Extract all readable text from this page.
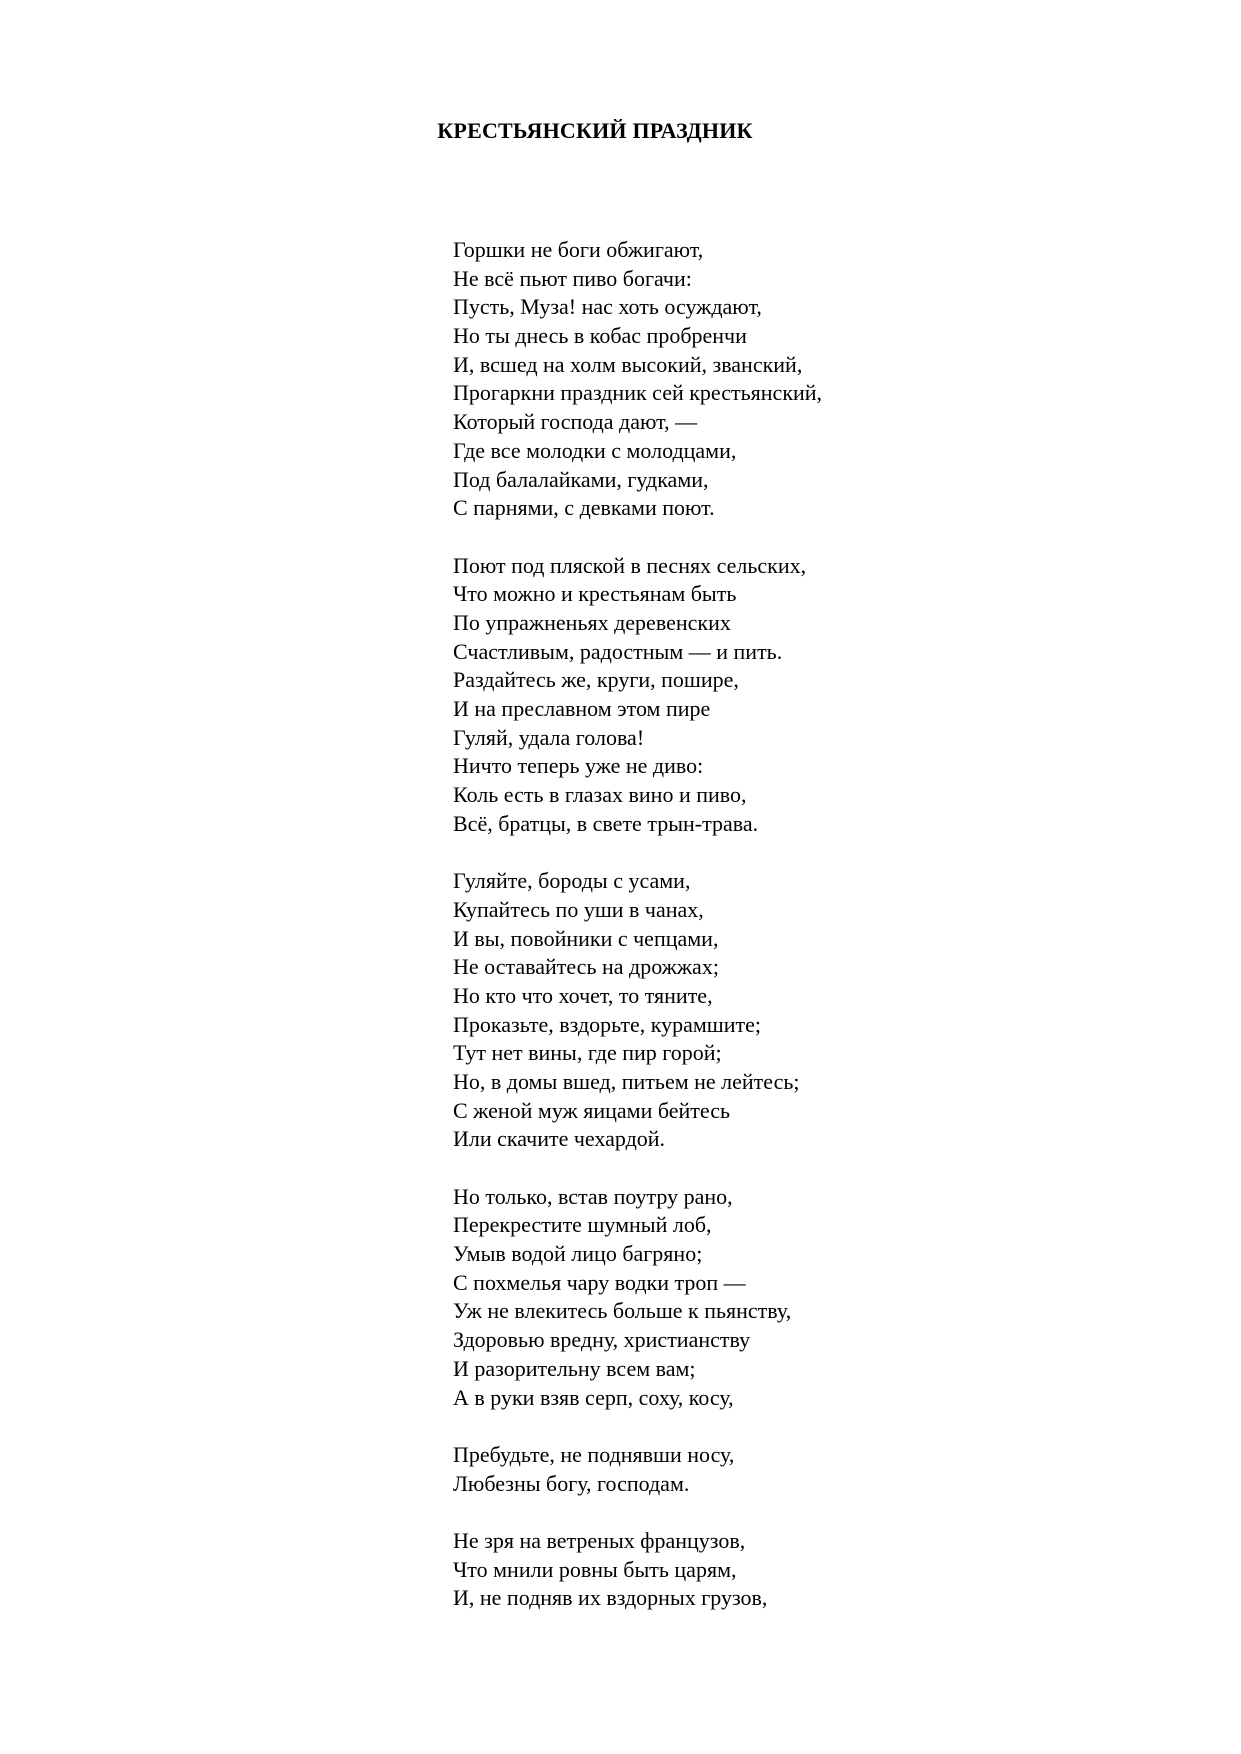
КРЕСТЬЯНСКИЙ ПРАЗДНИК
Горшки не боги обжигают,
Не всё пьют пиво богачи:
Пусть, Муза! нас хоть осуждают,
Но ты днесь в кобас пробренчи
И, всшед на холм высокий, званский,
Прогаркни праздник сей крестьянский,
Который господа дают, —
Где все молодки с молодцами,
Под балалайками, гудками,
С парнями, с девками поют.
Поют под пляской в песнях сельских,
Что можно и крестьянам быть
По упражненьях деревенских
Счастливым, радостным — и пить.
Раздайтесь же, круги, пошире,
И на преславном этом пире
Гуляй, удала голова!
Ничто теперь уже не диво:
Коль есть в глазах вино и пиво,
Всё, братцы, в свете трын-трава.
Гуляйте, бороды с усами,
Купайтесь по уши в чанах,
И вы, повойники с чепцами,
Не оставайтесь на дрожжах;
Но кто что хочет, то тяните,
Проказьте, вздорьте, курамшите;
Тут нет вины, где пир горой;
Но, в домы вшед, питьем не лейтесь;
С женой муж яицами бейтесь
Или скачите чехардой.
Но только, встав поутру рано,
Перекрестите шумный лоб,
Умыв водой лицо багряно;
С похмелья чару водки троп —
Уж не влекитесь больше к пьянству,
Здоровью вредну, христианству
И разорительну всем вам;
А в руки взяв серп, соху, косу,
Пребудьте, не поднявши носу,
Любезны богу, господам.
Не зря на ветреных французов,
Что мнили ровны быть царям,
И, не подняв их вздорных грузов,
